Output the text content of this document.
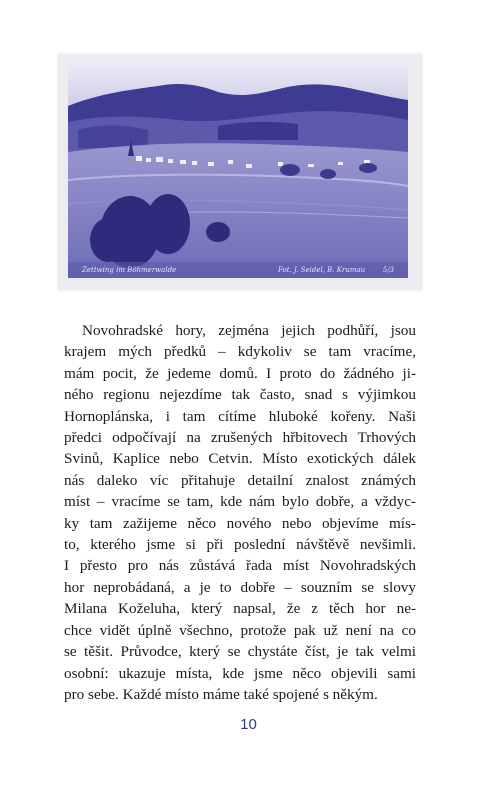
Zettwing im Böhmerwalde	Fot. J. Seidel, B. Krumau	5/3
Novohradské hory, zejména jejich podhůří, jsou
krajem mých předků – kdykoliv se tam vracíme,
mám pocit, že jedeme domů. I proto do žádného ji-
ného regionu nejezdíme tak často, snad s výjimkou
Hornoplánska, i tam cítíme hluboké kořeny. Naši
předci odpočívají na zrušených hřbitovech Trhových
Svinů, Kaplice nebo Cetvin. Místo exotických dálek
nás daleko víc přitahuje detailní znalost známých
míst – vracíme se tam, kde nám bylo dobře, a vždyc-
ky tam zažijeme něco nového nebo objevíme mís-
to, kterého jsme si při poslední návštěvě nevšimli.
I přesto pro nás zůstává řada míst Novohradských
hor neprobádaná, a je to dobře – souzním se slovy
Milana Koželuha, který napsal, že z těch hor ne-
chce vidět úplně všechno, protože pak už není na co
se těšit. Průvodce, který se chystáte číst, je tak velmi
osobní: ukazuje místa, kde jsme něco objevili sami
pro sebe. Každé místo máme také spojené s někým.
10
